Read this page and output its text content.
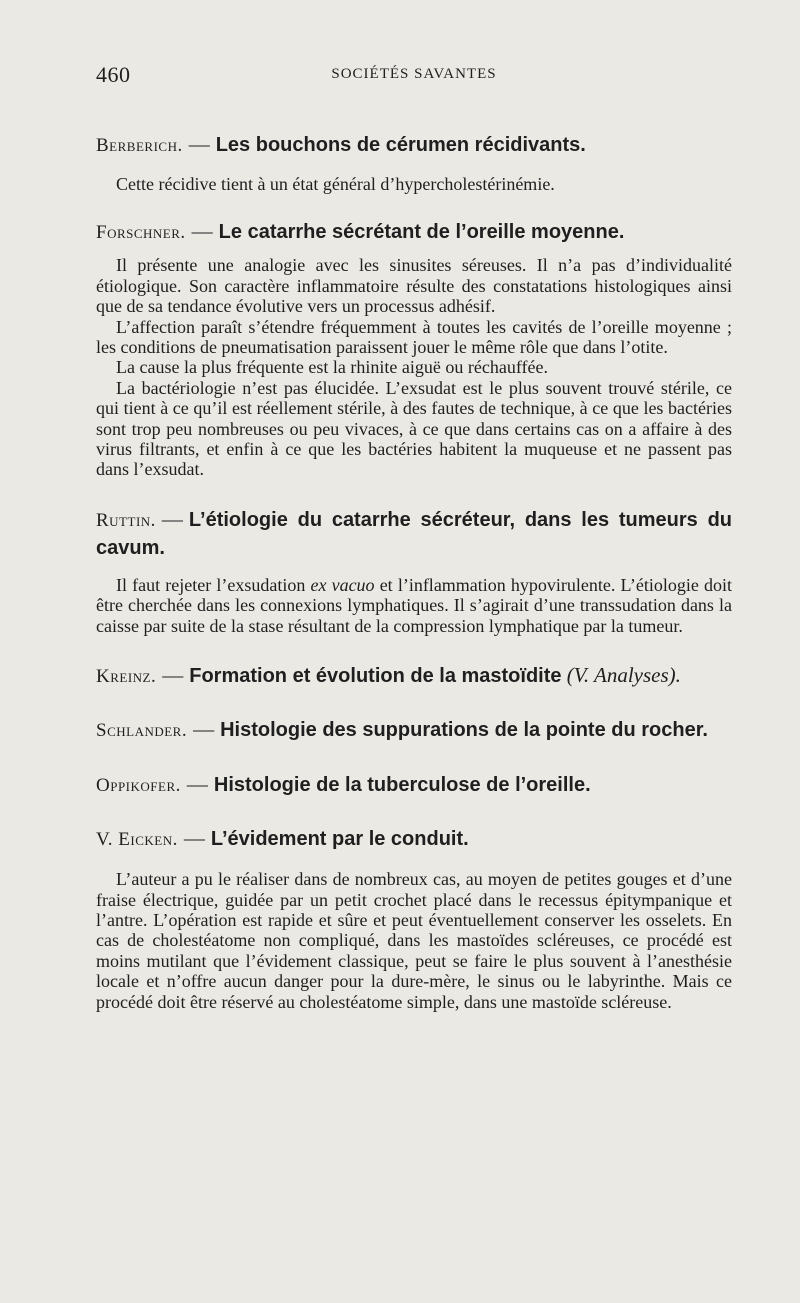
460	SOCIÉTÉS SAVANTES
Berberich. — Les bouchons de cérumen récidivants.

Cette récidive tient à un état général d’hypercholestérinémie.

Forschner. — Le catarrhe sécrétant de l’oreille moyenne.

Il présente une analogie avec les sinusites séreuses. Il n’a pas d’individualité étiologique. Son caractère inflammatoire résulte des constatations histologiques ainsi que de sa tendance évolutive vers un processus adhésif.

L’affection paraît s’étendre fréquemment à toutes les cavités de l’oreille moyenne ; les conditions de pneumatisation paraissent jouer le même rôle que dans l’otite.

La cause la plus fréquente est la rhinite aiguë ou réchauffée.

La bactériologie n’est pas élucidée. L’exsudat est le plus souvent trouvé stérile, ce qui tient à ce qu’il est réellement stérile, à des fautes de technique, à ce que les bactéries sont trop peu nombreuses ou peu vivaces, à ce que dans certains cas on a affaire à des virus filtrants, et enfin à ce que les bactéries habitent la muqueuse et ne passent pas dans l’exsudat.

Ruttin. — L’étiologie du catarrhe sécréteur, dans les tumeurs du cavum.

Il faut rejeter l’exsudation ex vacuo et l’inflammation hypovirulente. L’étiologie doit être cherchée dans les connexions lymphatiques. Il s’agirait d’une transsudation dans la caisse par suite de la stase résultant de la compression lymphatique par la tumeur.

Kreinz. — Formation et évolution de la mastoïdite (V. Analyses).
Schlander. — Histologie des suppurations de la pointe du rocher.
Oppikofer. — Histologie de la tuberculose de l’oreille.
V. Eicken. — L’évidement par le conduit.

L’auteur a pu le réaliser dans de nombreux cas, au moyen de petites gouges et d’une fraise électrique, guidée par un petit crochet placé dans le recessus épitympanique et l’antre. L’opération est rapide et sûre et peut éventuellement conserver les osselets. En cas de cholestéatome non compliqué, dans les mastoïdes scléreuses, ce procédé est moins mutilant que l’évidement classique, peut se faire le plus souvent à l’anesthésie locale et n’offre aucun danger pour la dure-mère, le sinus ou le labyrinthe. Mais ce procédé doit être réservé au cholestéatome simple, dans une mastoïde scléreuse.
